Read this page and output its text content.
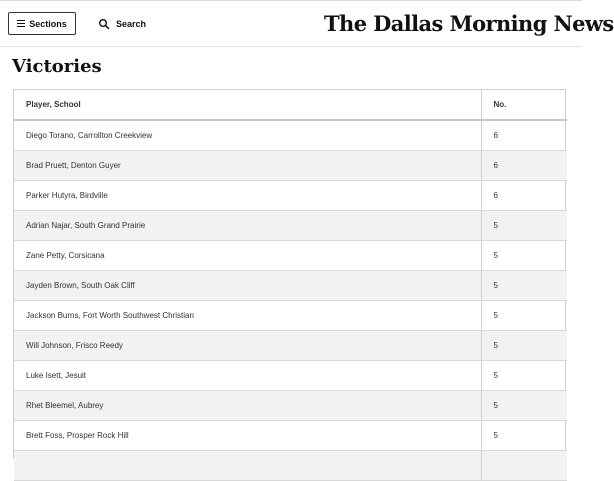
Sections	Search	The Dallas Morning News
Victories
Player, School	No.
Diego Torano, Carrollton Creekview	6
Brad Pruett, Denton Guyer	6
Parker Hutyra, Birdville	6
Adrian Najar, South Grand Prairie	5
Zane Petty, Corsicana	5
Jayden Brown, South Oak Cliff	5
Jackson Burns, Fort Worth Southwest Christian	5
Will Johnson, Frisco Reedy	5
Luke Isett, Jesuit	5
Rhet Bleemel, Aubrey	5
Brett Foss, Prosper Rock Hill	5
